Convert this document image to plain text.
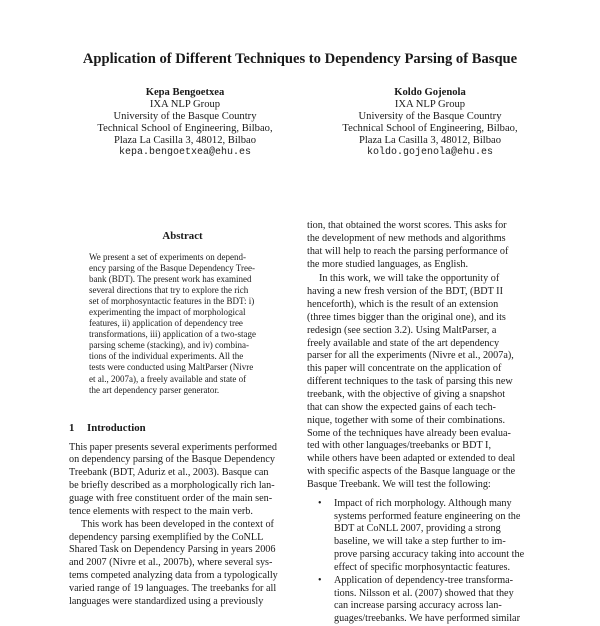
Application of Different Techniques to Dependency Parsing of Basque
Kepa Bengoetxea
IXA NLP Group
University of the Basque Country
Technical School of Engineering, Bilbao,
Plaza La Casilla 3, 48012, Bilbao
kepa.bengoetxea@ehu.es
Koldo Gojenola
IXA NLP Group
University of the Basque Country
Technical School of Engineering, Bilbao,
Plaza La Casilla 3, 48012, Bilbao
koldo.gojenola@ehu.es
Abstract
We present a set of experiments on depend-
ency parsing of the Basque Dependency Tree-
bank (BDT). The present work has examined
several directions that try to explore the rich
set of morphosyntactic features in the BDT: i)
experimenting the impact of morphological
features, ii) application of dependency tree
transformations, iii) application of a two-stage
parsing scheme (stacking), and iv) combina-
tions of the individual experiments. All the
tests were conducted using MaltParser (Nivre
et al., 2007a), a freely available and state of
the art dependency parser generator.
1 Introduction
This paper presents several experiments performed
on dependency parsing of the Basque Dependency
Treebank (BDT, Aduriz et al., 2003). Basque can
be briefly described as a morphologically rich lan-
guage with free constituent order of the main sen-
tence elements with respect to the main verb.
This work has been developed in the context of
dependency parsing exemplified by the CoNLL
Shared Task on Dependency Parsing in years 2006
and 2007 (Nivre et al., 2007b), where several sys-
tems competed analyzing data from a typologically
varied range of 19 languages. The treebanks for all
languages were standardized using a previously
tion, that obtained the worst scores. This asks for
the development of new methods and algorithms
that will help to reach the parsing performance of
the more studied languages, as English.
In this work, we will take the opportunity of
having a new fresh version of the BDT, (BDT II
henceforth), which is the result of an extension
(three times bigger than the original one), and its
redesign (see section 3.2). Using MaltParser, a
freely available and state of the art dependency
parser for all the experiments (Nivre et al., 2007a),
this paper will concentrate on the application of
different techniques to the task of parsing this new
treebank, with the objective of giving a snapshot
that can show the expected gains of each tech-
nique, together with some of their combinations.
Some of the techniques have already been evalua-
ted with other languages/treebanks or BDT I,
while others have been adapted or extended to deal
with specific aspects of the Basque language or the
Basque Treebank. We will test the following:
• Impact of rich morphology. Although many
systems performed feature engineering on the
BDT at CoNLL 2007, providing a strong
baseline, we will take a step further to im-
prove parsing accuracy taking into account the
effect of specific morphosyntactic features.
• Application of dependency-tree transforma-
tions. Nilsson et al. (2007) showed that they
can increase parsing accuracy across lan-
guages/treebanks. We have performed similar
